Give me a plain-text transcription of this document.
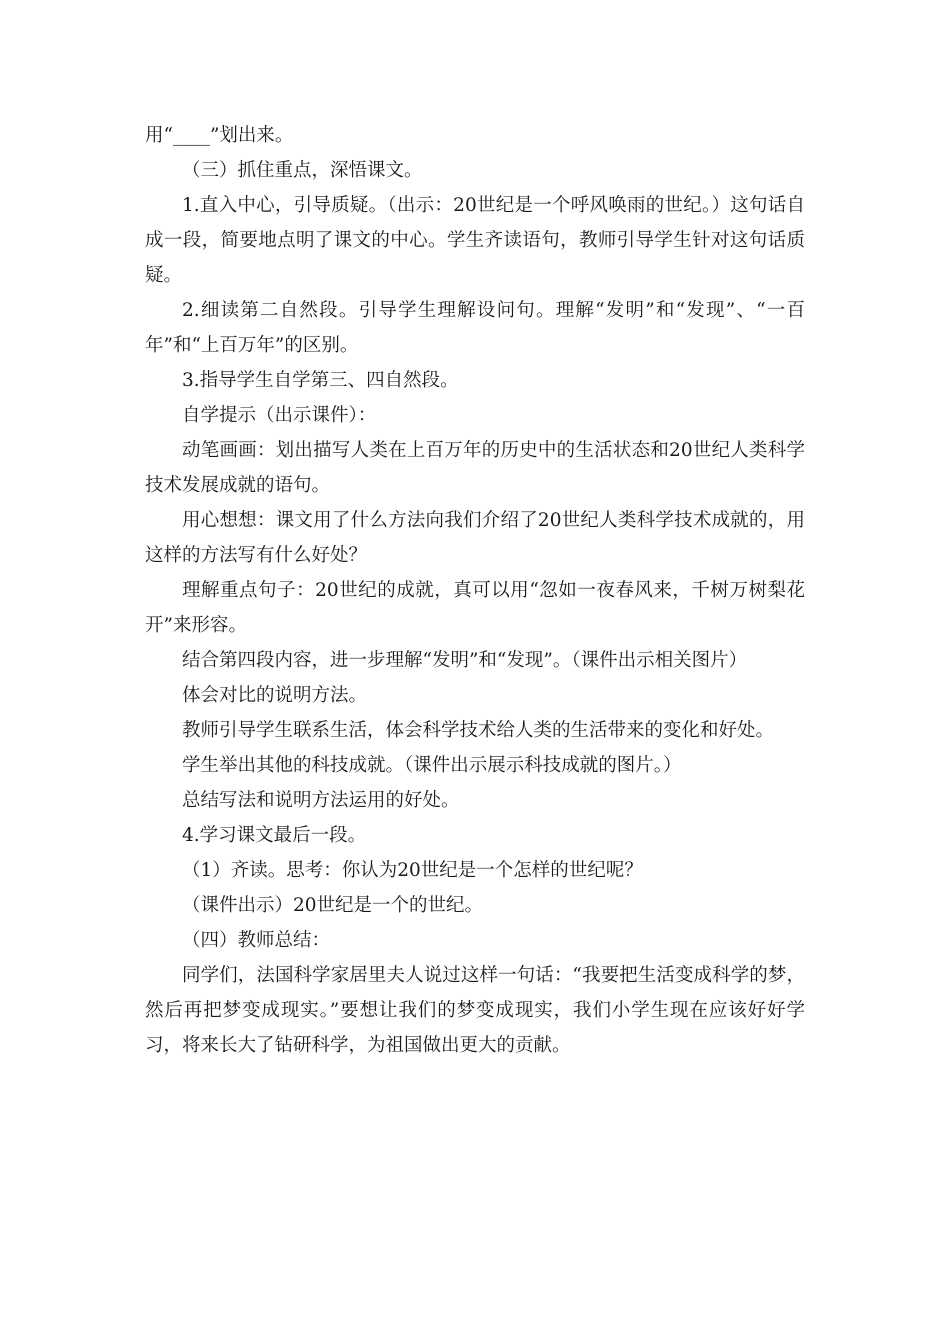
用“____”划出来。

（三）抓住重点，深悟课文。

1.直入中心，引导质疑。（出示：20世纪是一个呼风唤雨的世纪。）这句话自成一段，简要地点明了课文的中心。学生齐读语句，教师引导学生针对这句话质疑。

2.细读第二自然段。引导学生理解设问句。理解“发明”和“发现”、“一百年”和“上百万年”的区别。

3.指导学生自学第三、四自然段。

自学提示（出示课件）：

动笔画画：划出描写人类在上百万年的历史中的生活状态和20世纪人类科学技术发展成就的语句。

用心想想：课文用了什么方法向我们介绍了20世纪人类科学技术成就的，用这样的方法写有什么好处？

理解重点句子：20世纪的成就，真可以用“忽如一夜春风来，千树万树梨花开”来形容。

结合第四段内容，进一步理解“发明”和“发现”。（课件出示相关图片）

体会对比的说明方法。

教师引导学生联系生活，体会科学技术给人类的生活带来的变化和好处。

学生举出其他的科技成就。（课件出示展示科技成就的图片。）

总结写法和说明方法运用的好处。

4.学习课文最后一段。

（1）齐读。思考：你认为20世纪是一个怎样的世纪呢？

（课件出示）20世纪是一个的世纪。

（四）教师总结：

同学们，法国科学家居里夫人说过这样一句话：“我要把生活变成科学的梦，然后再把梦变成现实。”要想让我们的梦变成现实，我们小学生现在应该好好学习，将来长大了钻研科学，为祖国做出更大的贡献。
